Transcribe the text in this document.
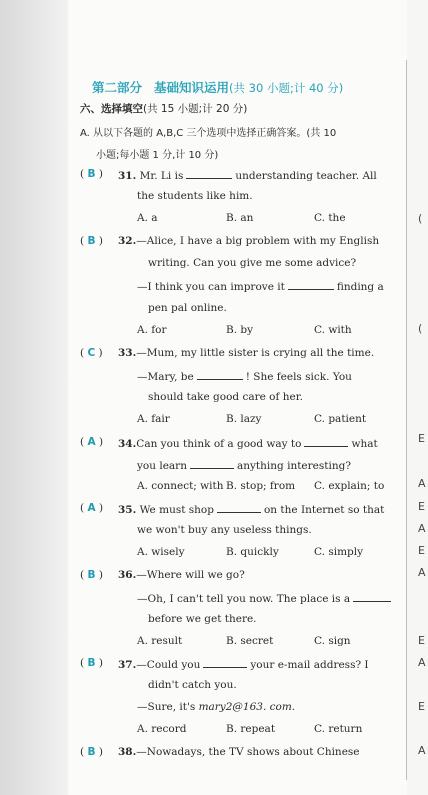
(
(
E
A
E
A
E
A
E
A
E
A
第二部分 基础知识运用(共 30 小题;计 40 分)
六、选择填空(共 15 小题;计 20 分)
A. 从以下各题的 A,B,C 三个选项中选择正确答案。(共 10
小题;每小题 1 分,计 10 分)
( B ) 31. Mr. Li is	understanding teacher. All
the students like him.
A. a	B. an	C. the
( B ) 32.—Alice, I have a big problem with my English
writing. Can you give me some advice?
—I think you can improve it	finding a
pen pal online.
A. for	B. by	C. with
( C ) 33.—Mum, my little sister is crying all the time.
—Mary, be	! She feels sick. You
should take good care of her.
A. fair	B. lazy	C. patient
( A ) 34.Can you think of a good way to	what
you learn	anything interesting?
A. connect; with B. stop; from C. explain; to
( A ) 35. We must shop	on the Internet so that
we won't buy any useless things.
A. wisely	B. quickly	C. simply
( B ) 36.—Where will we go?
—Oh, I can't tell you now. The place is a
before we get there.
A. result	B. secret	C. sign
( B ) 37.—Could you	your e-mail address? I
didn't catch you.
—Sure, it's mary2@163. com.
A. record	B. repeat	C. return
( B ) 38.—Nowadays, the TV shows about Chinese
